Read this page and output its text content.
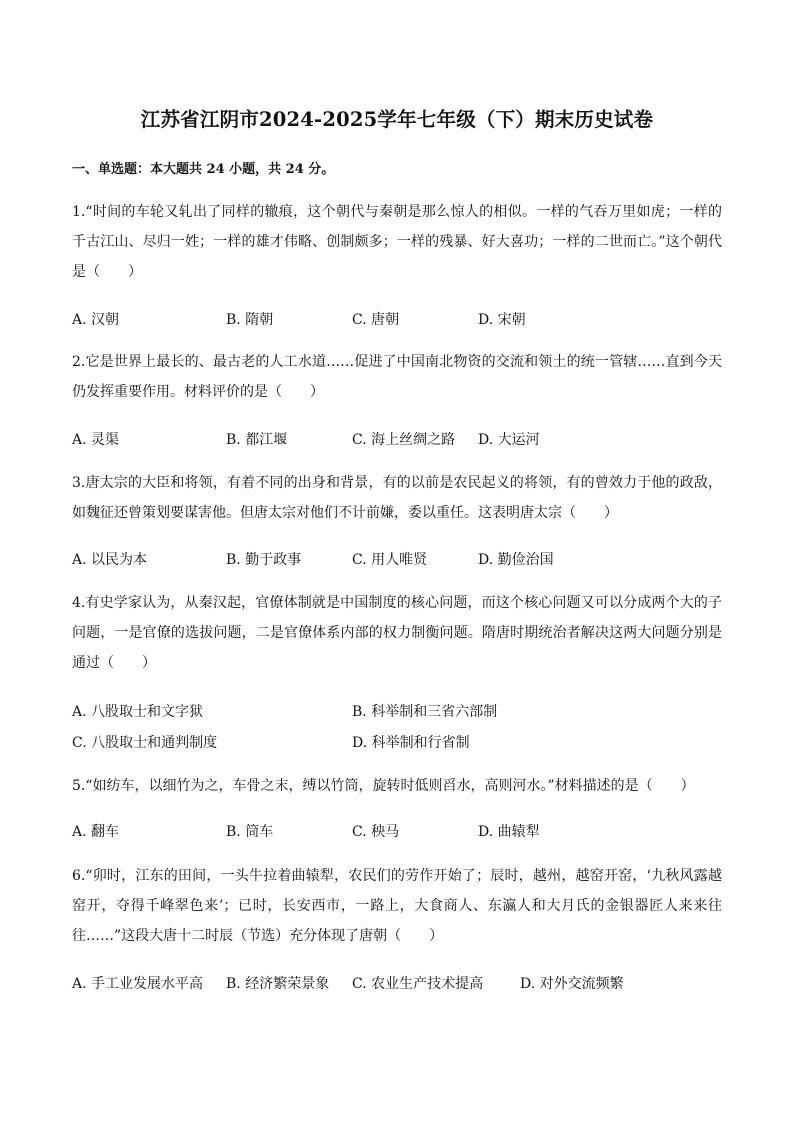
江苏省江阴市2024-2025学年七年级（下）期末历史试卷
一、单选题：本大题共 24 小题，共 24 分。
1.“时间的车轮又轧出了同样的辙痕，这个朝代与秦朝是那么惊人的相似。一样的气吞万里如虎；一样的千古江山、尽归一姓；一样的雄才伟略、创制颇多；一样的残暴、好大喜功；一样的二世而亡。”这个朝代是（　　）
A. 汉朝	B. 隋朝	C. 唐朝	D. 宋朝
2.它是世界上最长的、最古老的人工水道……促进了中国南北物资的交流和领土的统一管辖……直到今天仍发挥重要作用。材料评价的是（　　）
A. 灵渠	B. 都江堰	C. 海上丝绸之路 D. 大运河
3.唐太宗的大臣和将领，有着不同的出身和背景，有的以前是农民起义的将领，有的曾效力于他的政敌，如魏征还曾策划要谋害他。但唐太宗对他们不计前嫌，委以重任。这表明唐太宗（　　）
A. 以民为本	B. 勤于政事	C. 用人唯贤	D. 勤俭治国
4.有史学家认为，从秦汉起，官僚体制就是中国制度的核心问题，而这个核心问题又可以分成两个大的子问题，一是官僚的选拔问题，二是官僚体系内部的权力制衡问题。隋唐时期统治者解决这两大问题分别是通过（　　）
A. 八股取士和文字狱	B. 科举制和三省六部制
C. 八股取士和通判制度	D. 科举制和行省制
5.“如纺车，以细竹为之，车骨之末，缚以竹筒，旋转时低则舀水，高则河水。”材料描述的是（　　）
A. 翻车	B. 筒车	C. 秧马	D. 曲辕犁
6.“卯时，江东的田间，一头牛拉着曲辕犁，农民们的劳作开始了；辰时，越州，越窑开窑，‘九秋风露越窑开，夺得千峰翠色来’；已时，长安西市，一路上，大食商人、东瀛人和大月氏的金银器匠人来来往往……”这段大唐十二时辰（节选）充分体现了唐朝（　　）
A. 手工业发展水平高 B. 经济繁荣景象 C. 农业生产技术提高	D. 对外交流频繁
